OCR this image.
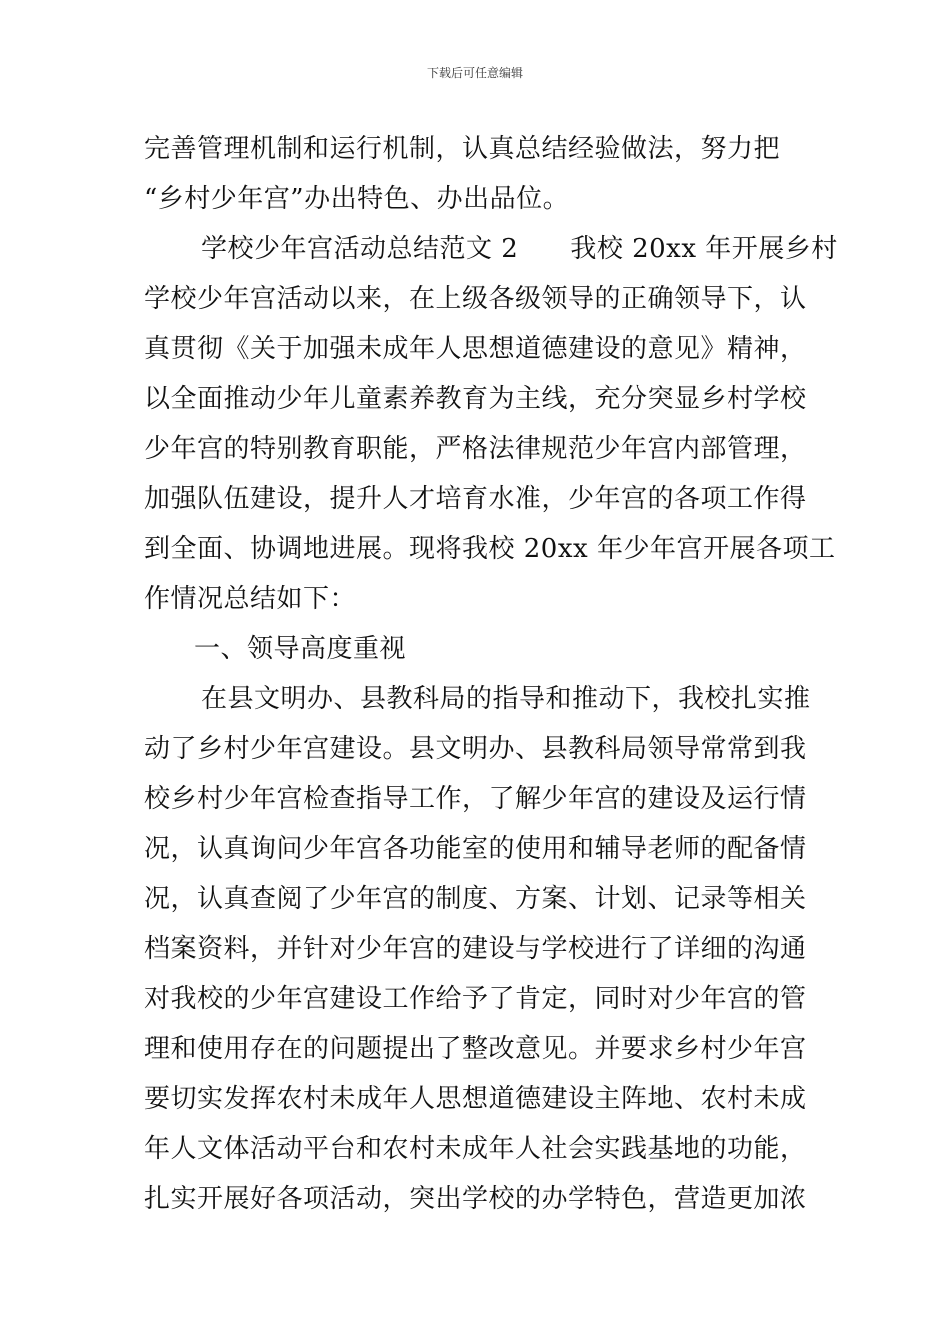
下载后可任意编辑
完善管理机制和运行机制，认真总结经验做法，努力把
“乡村少年宫”办出特色、办出品位。
学校少年宫活动总结范文 2 我校 20xx 年开展乡村
学校少年宫活动以来，在上级各级领导的正确领导下，认
真贯彻《关于加强未成年人思想道德建设的意见》精神，
以全面推动少年儿童素养教育为主线，充分突显乡村学校
少年宫的特别教育职能，严格法律规范少年宫内部管理，
加强队伍建设，提升人才培育水准，少年宫的各项工作得
到全面、协调地进展。现将我校 20xx 年少年宫开展各项工
作情况总结如下：
一、领导高度重视
在县文明办、县教科局的指导和推动下，我校扎实推
动了乡村少年宫建设。县文明办、县教科局领导常常到我
校乡村少年宫检查指导工作，了解少年宫的建设及运行情
况，认真询问少年宫各功能室的使用和辅导老师的配备情
况，认真查阅了少年宫的制度、方案、计划、记录等相关
档案资料，并针对少年宫的建设与学校进行了详细的沟通
对我校的少年宫建设工作给予了肯定，同时对少年宫的管
理和使用存在的问题提出了整改意见。并要求乡村少年宫
要切实发挥农村未成年人思想道德建设主阵地、农村未成
年人文体活动平台和农村未成年人社会实践基地的功能，
扎实开展好各项活动，突出学校的办学特色，营造更加浓
